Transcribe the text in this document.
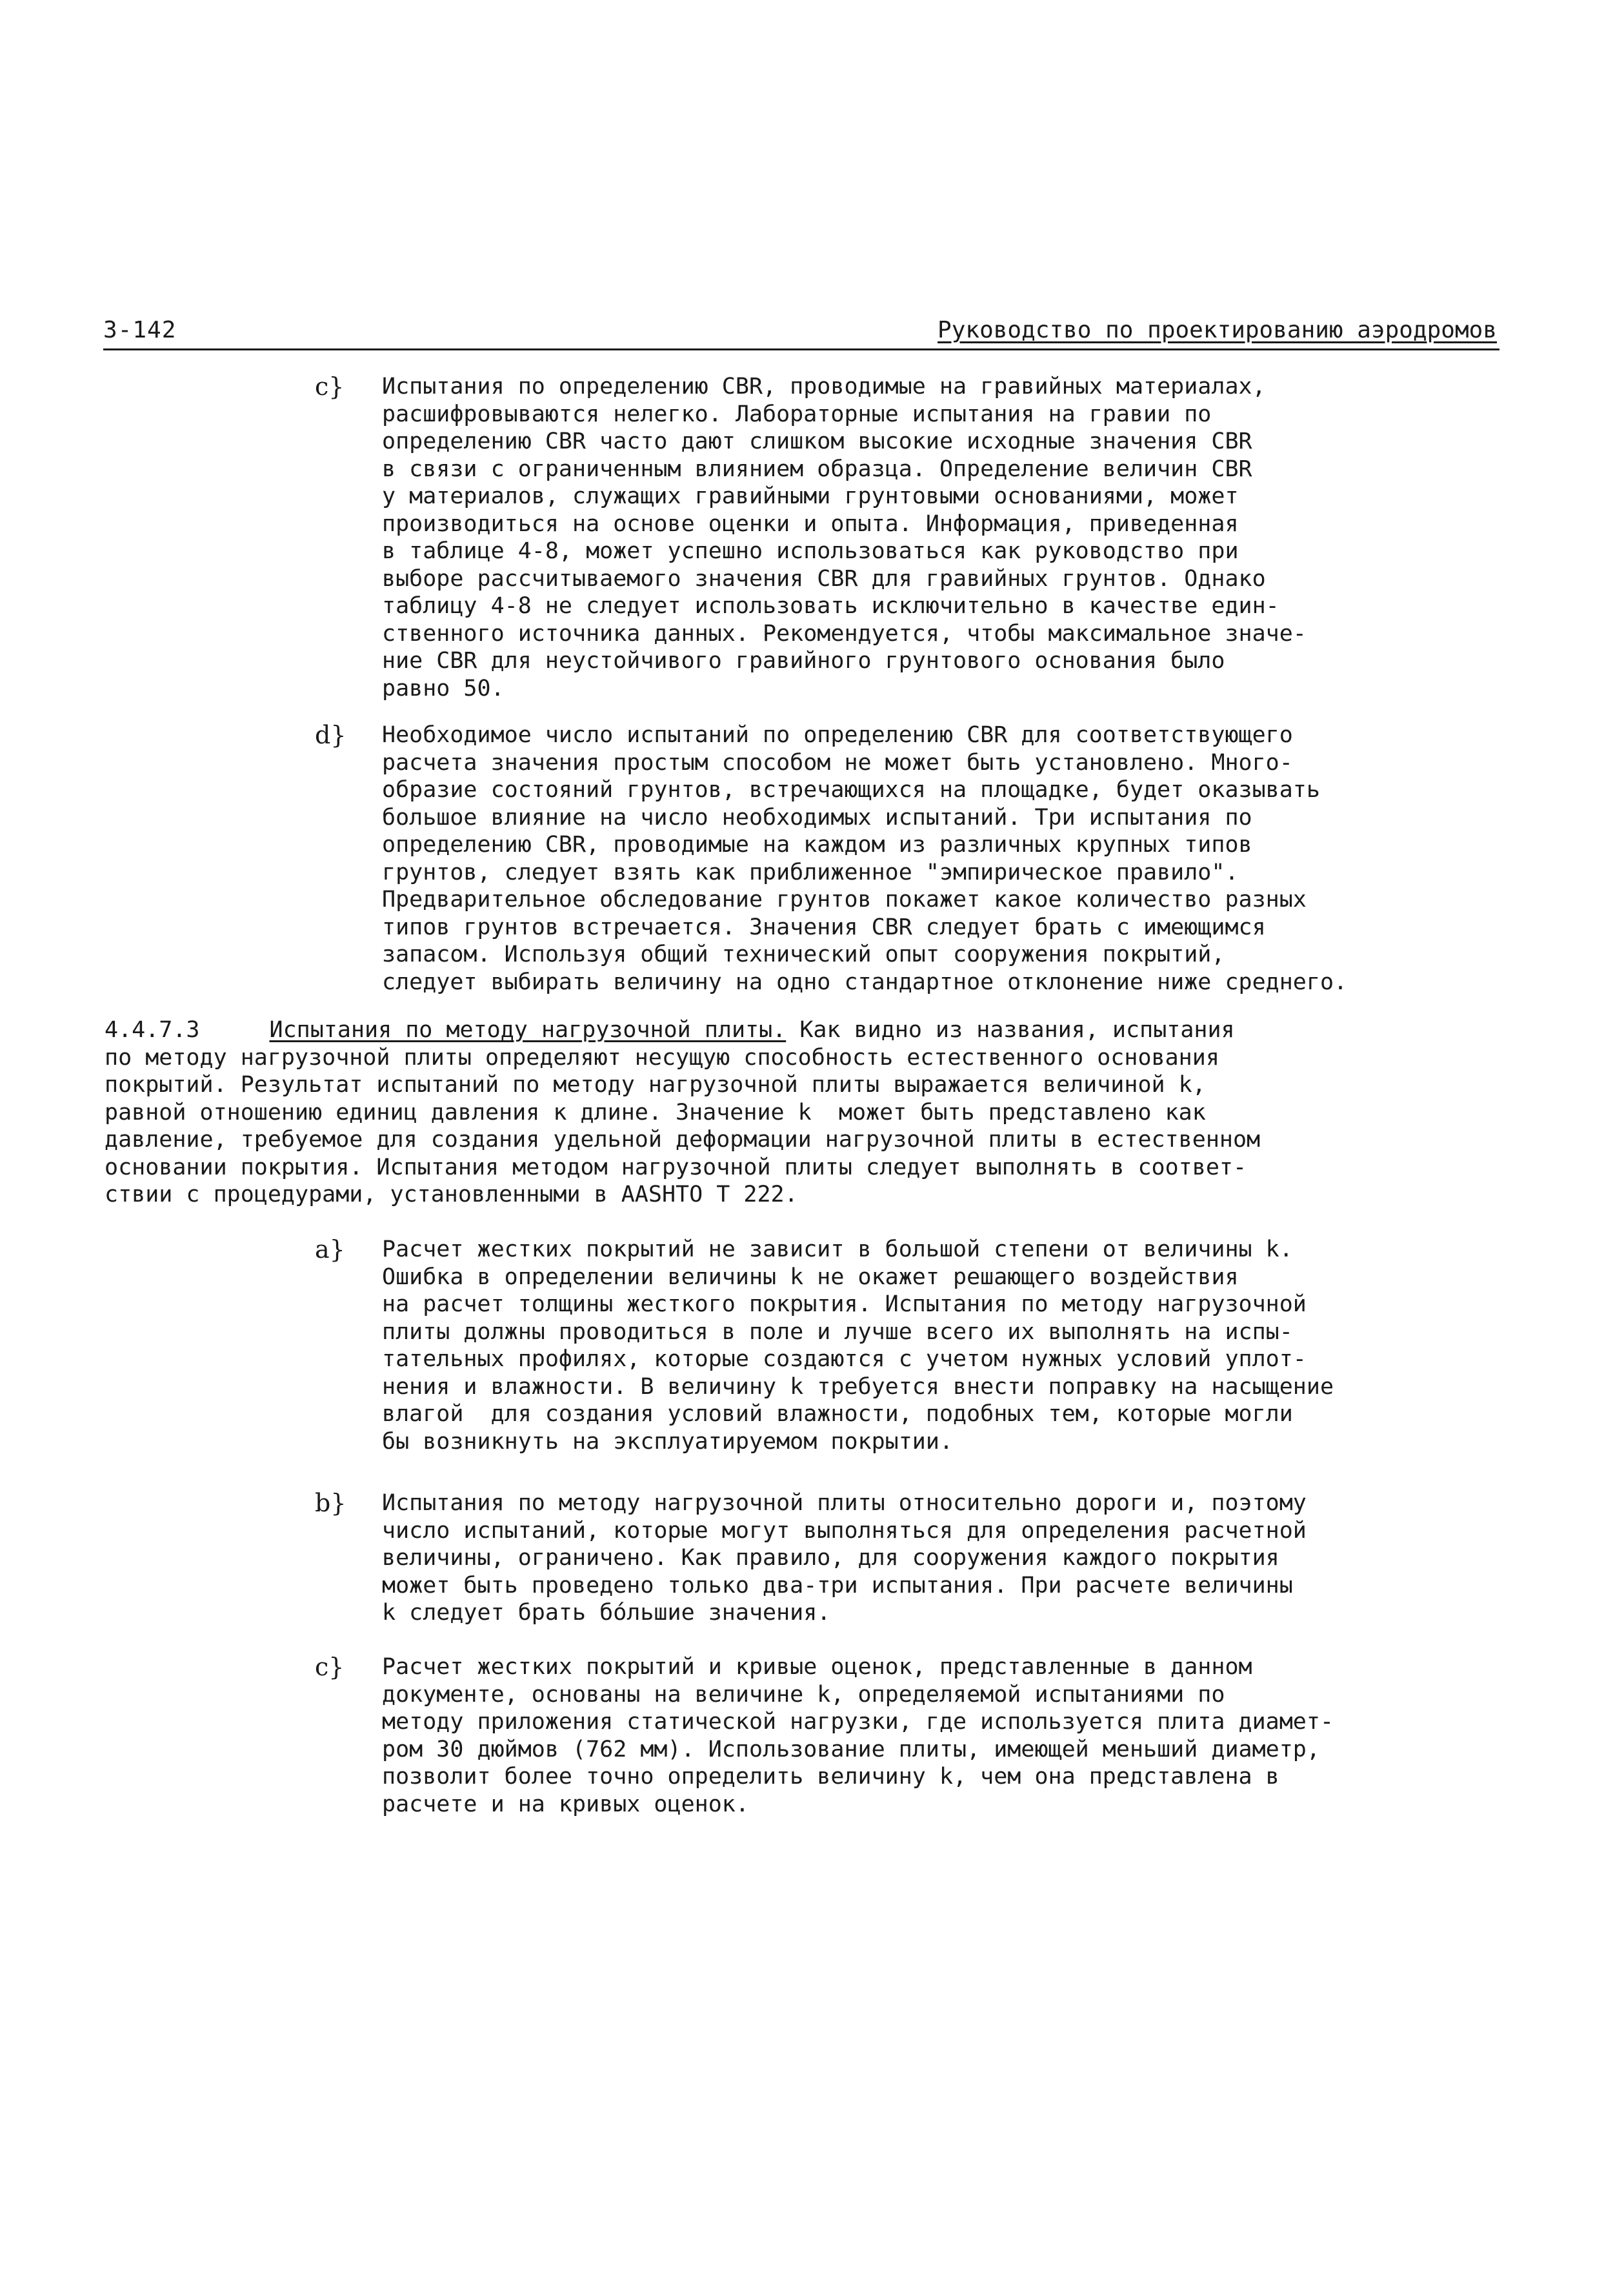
3-142	Руководство по проектированию аэродромов
c} Испытания по определению CBR, проводимые на гравийных материалах,
расшифровываются нелегко. Лабораторные испытания на гравии по
определению CBR часто дают слишком высокие исходные значения CBR
в связи с ограниченным влиянием образца. Определение величин CBR
у материалов, служащих гравийными грунтовыми основаниями, может
производиться на основе оценки и опыта. Информация, приведенная
в таблице 4-8, может успешно использоваться как руководство при
выборе рассчитываемого значения CBR для гравийных грунтов. Однако
таблицу 4-8 не следует использовать исключительно в качестве един-
ственного источника данных. Рекомендуется, чтобы максимальное значе-
ние CBR для неустойчивого гравийного грунтового основания было
равно 50.
d} Необходимое число испытаний по определению CBR для соответствующего
расчета значения простым способом не может быть установлено. Много-
образие состояний грунтов, встречающихся на площадке, будет оказывать
большое влияние на число необходимых испытаний. Три испытания по
определению CBR, проводимые на каждом из различных крупных типов
грунтов, следует взять как приближенное "эмпирическое правило".
Предварительное обследование грунтов покажет какое количество разных
типов грунтов встречается. Значения CBR следует брать с имеющимся
запасом. Используя общий технический опыт сооружения покрытий,
следует выбирать величину на одно стандартное отклонение ниже среднего.
4.4.7.3	Испытания по методу нагрузочной плиты. Как видно из названия, испытания
по методу нагрузочной плиты определяют несущую способность естественного основания
покрытий. Результат испытаний по методу нагрузочной плиты выражается величиной k,
равной отношению единиц давления к длине. Значение k  может быть представлено как
давление, требуемое для создания удельной деформации нагрузочной плиты в естественном
основании покрытия. Испытания методом нагрузочной плиты следует выполнять в соответ-
ствии с процедурами, установленными в AASHTO T 222.
a} Расчет жестких покрытий не зависит в большой степени от величины k.
Ошибка в определении величины k не окажет решающего воздействия
на расчет толщины жесткого покрытия. Испытания по методу нагрузочной
плиты должны проводиться в поле и лучше всего их выполнять на испы-
тательных профилях, которые создаются с учетом нужных условий уплот-
нения и влажности. В величину k требуется внести поправку на насыщение
влагой  для создания условий влажности, подобных тем, которые могли
бы возникнуть на эксплуатируемом покрытии.
b} Испытания по методу нагрузочной плиты относительно дороги и, поэтому
число испытаний, которые могут выполняться для определения расчетной
величины, ограничено. Как правило, для сооружения каждого покрытия
может быть проведено только два-три испытания. При расчете величины
k следует брать бóльшие значения.
c} Расчет жестких покрытий и кривые оценок, представленные в данном
документе, основаны на величине k, определяемой испытаниями по
методу приложения статической нагрузки, где используется плита диамет-
ром 30 дюймов (762 мм). Использование плиты, имеющей меньший диаметр,
позволит более точно определить величину k, чем она представлена в
расчете и на кривых оценок.
